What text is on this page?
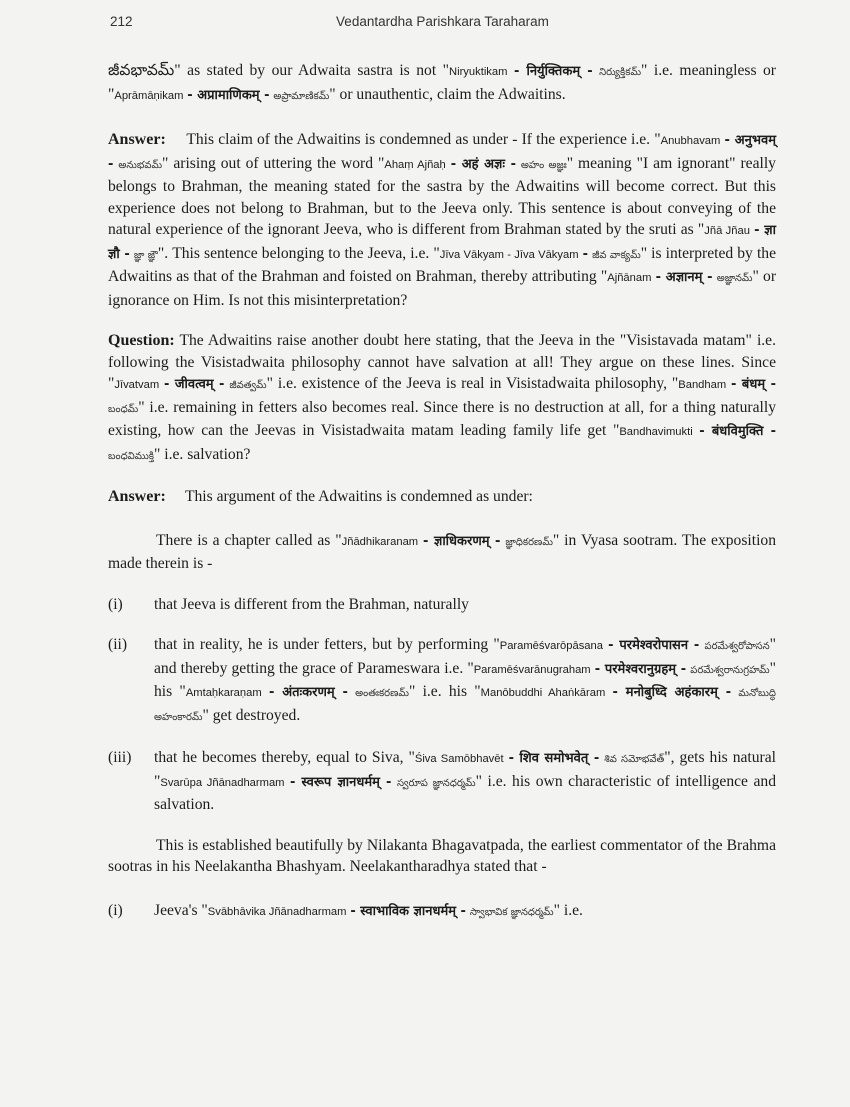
212	Vedantardha Parishkara Taraharam

జీవభావమ్" as stated by our Adwaita sastra is not "Niryuktikam - निर्युक्तिकम् - నిర్యుక్తికమ్" i.e. meaningless or "Aprāmāṇikam - अप्रामाणिकम् - అప్రామాణికమ్" or unauthentic, claim the Adwaitins.

Answer: This claim of the Adwaitins is condemned as under - If the experience i.e. "Anubhavam - अनुभवम् - అనుభవమ్" arising out of uttering the word "Ahaṃ Ajñaḥ - अहं अज्ञः - అహం అజ్ఞః" meaning "I am ignorant" really belongs to Brahman, the meaning stated for the sastra by the Adwaitins will become correct. But this experience does not belong to Brahman, but to the Jeeva only. This sentence is about conveying of the natural experience of the ignorant Jeeva, who is different from Brahman stated by the sruti as "Jñā Jñau - ज्ञा ज्ञौ - జ్ఞా జ్ఞౌ". This sentence belonging to the Jeeva, i.e. "Jīva Vākyam - Jīva Vākyam - జీవ వాక్యమ్" is interpreted by the Adwaitins as that of the Brahman and foisted on Brahman, thereby attributing "Ajñānam - अज्ञानम् - అజ్ఞానమ్" or ignorance on Him. Is not this misinterpretation?

Question: The Adwaitins raise another doubt here stating, that the Jeeva in the "Visistavada matam" i.e. following the Visistadwaita philosophy cannot have salvation at all! They argue on these lines. Since "Jīvatvam - जीवत्वम् - జీవత్వమ్" i.e. existence of the Jeeva is real in Visistadwaita philosophy, "Bandham - बंधम् - బంధమ్" i.e. remaining in fetters also becomes real. Since there is no destruction at all, for a thing naturally existing, how can the Jeevas in Visistadwaita matam leading family life get "Bandhavimukti - बंधविमुक्ति - బంధవిముక్తి" i.e. salvation?

Answer: This argument of the Adwaitins is condemned as under:

There is a chapter called as "Jñādhikaranam - ज्ञाधिकरणम् - జ్ఞాధికరణమ్" in Vyasa sootram. The exposition made therein is -

(i)	that Jeeva is different from the Brahman, naturally
(ii)	that in reality, he is under fetters, but by performing "Paramēśvarōpāsana - परमेश्वरोपासन - పరమేశ్వరోపాసన" and thereby getting the grace of Parameswara i.e. "Paramēśvarānugraham - परमेश्वरानुग्रहम् - పరమేశ్వరానుగ్రహమ్" his "Amtaḥkaraṇam - अंतःकरणम् - అంతఃకరణమ్" i.e. his "Manōbuddhi Ahaṅkāram - मनोबुध्दि अहंकारम् - మనోబుద్ధి అహంకారమ్" get destroyed.
(iii)	that he becomes thereby, equal to Siva, "Śiva Samōbhavēt - शिव समोभवेत् - శివ సమోభవేత్", gets his natural "Svarūpa Jñānadharmam - स्वरूप ज्ञानधर्मम् - స్వరూప జ్ఞానధర్మమ్" i.e. his own characteristic of intelligence and salvation.

This is established beautifully by Nilakanta Bhagavatpada, the earliest commentator of the Brahma sootras in his Neelakantha Bhashyam. Neelakantharadhya stated that -

(i)	Jeeva's "Svābhāvika Jñānadharmam - स्वाभाविक ज्ञानधर्मम् - స్వాభావిక జ్ఞానధర్మమ్" i.e.
